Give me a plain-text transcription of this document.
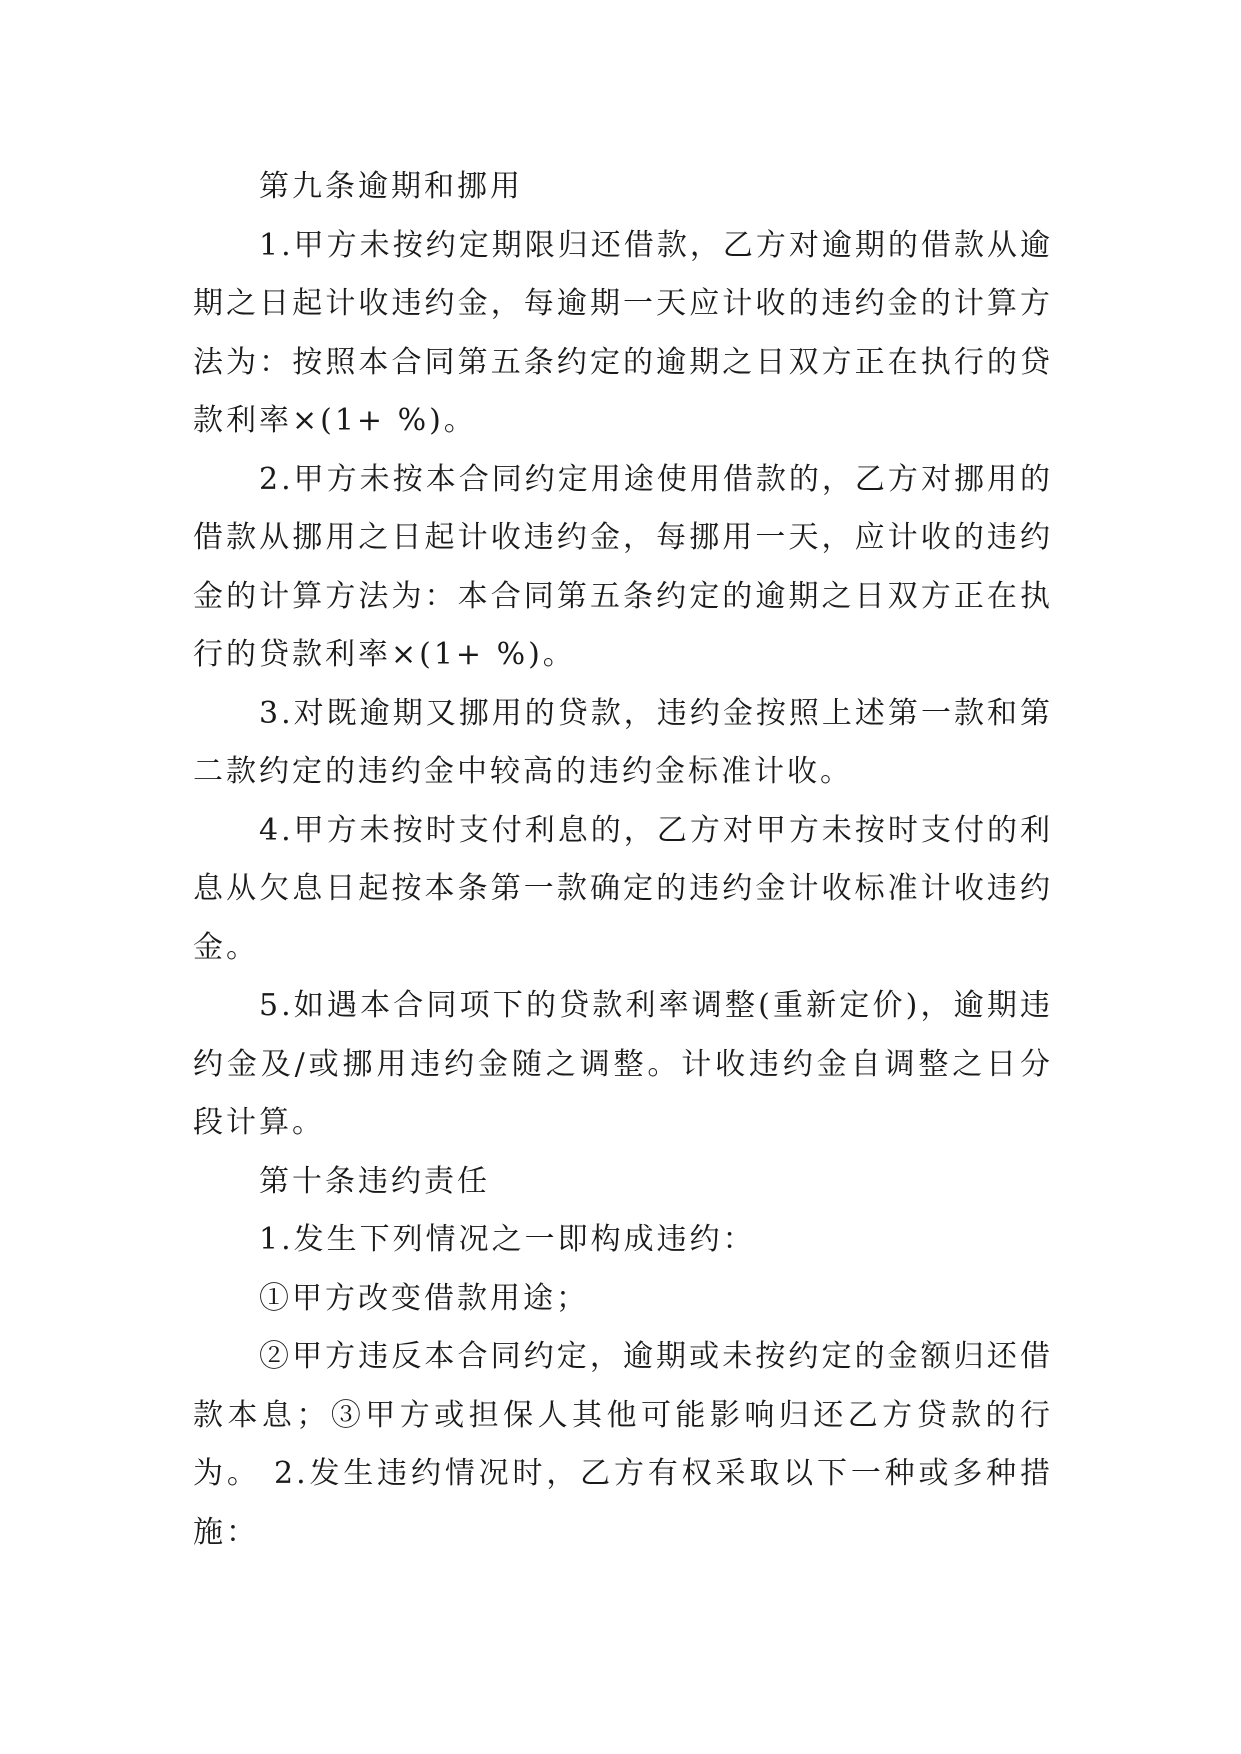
第九条逾期和挪用

1.甲方未按约定期限归还借款，乙方对逾期的借款从逾期之日起计收违约金，每逾期一天应计收的违约金的计算方法为：按照本合同第五条约定的逾期之日双方正在执行的贷款利率×(1+ %)。

2.甲方未按本合同约定用途使用借款的，乙方对挪用的借款从挪用之日起计收违约金，每挪用一天，应计收的违约金的计算方法为：本合同第五条约定的逾期之日双方正在执行的贷款利率×(1+ %)。

3.对既逾期又挪用的贷款，违约金按照上述第一款和第二款约定的违约金中较高的违约金标准计收。

4.甲方未按时支付利息的，乙方对甲方未按时支付的利息从欠息日起按本条第一款确定的违约金计收标准计收违约金。

5.如遇本合同项下的贷款利率调整(重新定价)，逾期违约金及/或挪用违约金随之调整。计收违约金自调整之日分段计算。

第十条违约责任

1.发生下列情况之一即构成违约：

①甲方改变借款用途；

②甲方违反本合同约定，逾期或未按约定的金额归还借款本息；③甲方或担保人其他可能影响归还乙方贷款的行为。 2.发生违约情况时，乙方有权采取以下一种或多种措施：
